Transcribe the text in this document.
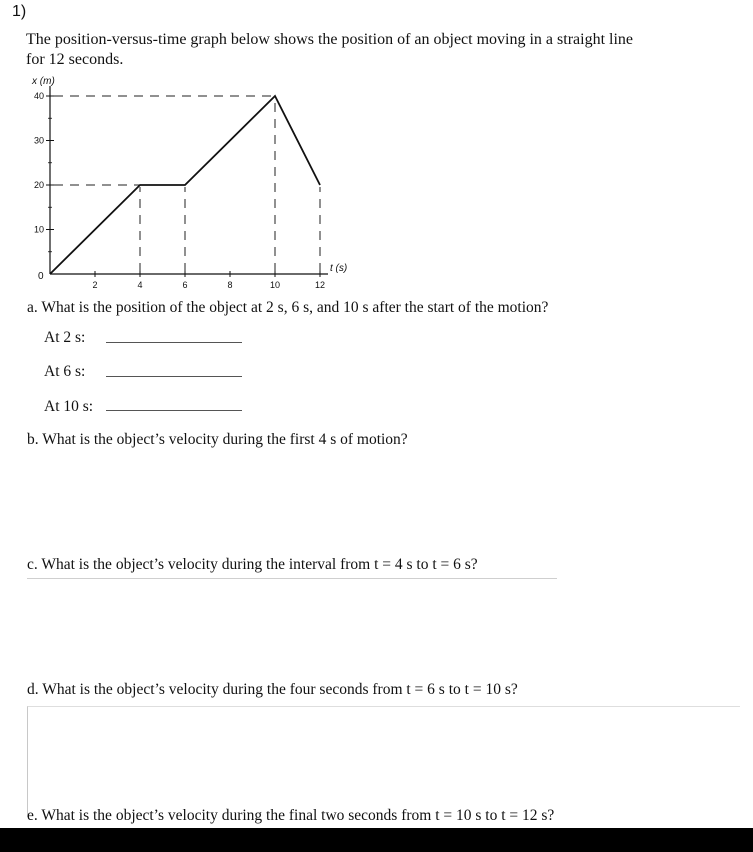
1)
The position-versus-time graph below shows the position of an object moving in a straight line
for 12 seconds.
2	4	6	8	10	12
10
20
30
40
x (m)
t (s)
0
a. What is the position of the object at 2 s, 6 s, and 10 s after the start of the motion?
At 2 s:
At 6 s:
At 10 s:
b. What is the object’s velocity during the first 4 s of motion?
c. What is the object’s velocity during the interval from t = 4 s to t = 6 s?
d. What is the object’s velocity during the four seconds from t = 6 s to t = 10 s?
e. What is the object’s velocity during the final two seconds from t = 10 s to t = 12 s?
